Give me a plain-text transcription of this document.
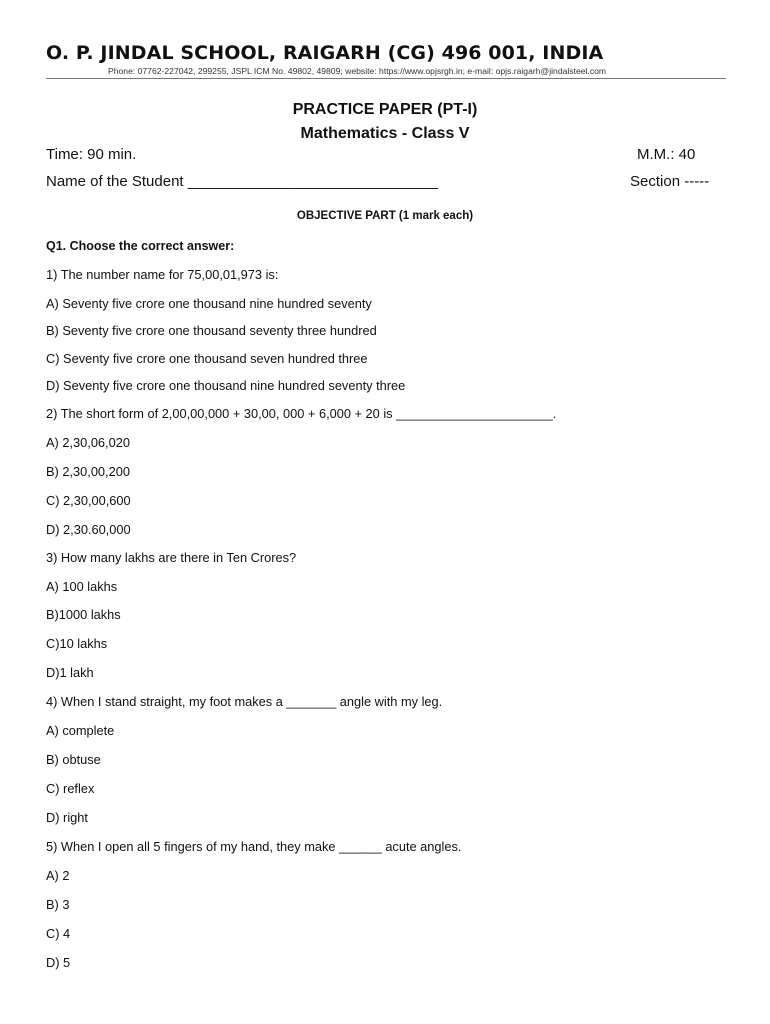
O. P. JINDAL SCHOOL, RAIGARH (CG) 496 001, INDIA
Phone: 07762-227042, 299255, JSPL ICM No. 49802, 49809; website: https://www.opjsrgh.in; e-mail: opjs.raigarh@jindalsteel.com
PRACTICE PAPER (PT-I)
Mathematics - Class V
Time: 90 min.	M.M.: 40
Name of the Student ______________________________	Section -----
OBJECTIVE PART (1 mark each)
Q1. Choose the correct answer:
1) The number name for 75,00,01,973 is:
A) Seventy five crore one thousand nine hundred seventy
B) Seventy five crore one thousand seventy three hundred
C) Seventy five crore one thousand seven hundred three
D) Seventy five crore one thousand nine hundred seventy three
2) The short form of 2,00,00,000 + 30,00, 000 + 6,000 + 20 is ______________________.
A) 2,30,06,020
B) 2,30,00,200
C) 2,30,00,600
D) 2,30.60,000
3) How many lakhs are there in Ten Crores?
A) 100 lakhs
B)1000 lakhs
C)10 lakhs
D)1 lakh
4) When I stand straight, my foot makes a _______ angle with my leg.
A) complete
B) obtuse
C) reflex
D) right
5) When I open all 5 fingers of my hand, they make ______ acute angles.
A) 2
B) 3
C) 4
D) 5
